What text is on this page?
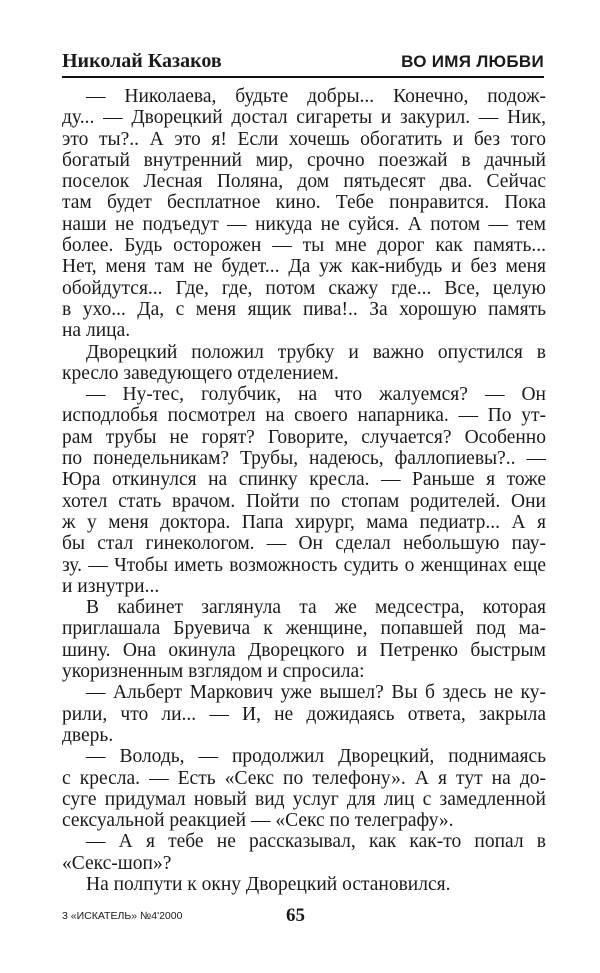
Николай Казаков	ВО ИМЯ ЛЮБВИ
— Николаева, будьте добры... Конечно, подож-
ду... — Дворецкий достал сигареты и закурил. — Ник,
это ты?.. А это я! Если хочешь обогатить и без того
богатый внутренний мир, срочно поезжай в дачный
поселок Лесная Поляна, дом пятьдесят два. Сейчас
там будет бесплатное кино. Тебе понравится. Пока
наши не подъедут — никуда не суйся. А потом — тем
более. Будь осторожен — ты мне дорог как память...
Нет, меня там не будет... Да уж как-нибудь и без меня
обойдутся... Где, где, потом скажу где... Все, целую
в ухо... Да, с меня ящик пива!.. За хорошую память
на лица.
Дворецкий положил трубку и важно опустился в
кресло заведующего отделением.
— Ну-тес, голубчик, на что жалуемся? — Он
исподлобья посмотрел на своего напарника. — По ут-
рам трубы не горят? Говорите, случается? Особенно
по понедельникам? Трубы, надеюсь, фаллопиевы?.. —
Юра откинулся на спинку кресла. — Раньше я тоже
хотел стать врачом. Пойти по стопам родителей. Они
ж у меня доктора. Папа хирург, мама педиатр... А я
бы стал гинекологом. — Он сделал небольшую пау-
зу. — Чтобы иметь возможность судить о женщинах еще
и изнутри...
В кабинет заглянула та же медсестра, которая
приглашала Бруевича к женщине, попавшей под ма-
шину. Она окинула Дворецкого и Петренко быстрым
укоризненным взглядом и спросила:
— Альберт Маркович уже вышел? Вы б здесь не ку-
рили, что ли... — И, не дожидаясь ответа, закрыла
дверь.
— Володь, — продолжил Дворецкий, поднимаясь
с кресла. — Есть «Секс по телефону». А я тут на до-
суге придумал новый вид услуг для лиц с замедленной
сексуальной реакцией — «Секс по телеграфу».
— А я тебе не рассказывал, как как-то попал в
«Секс-шоп»?
На полпути к окну Дворецкий остановился.
3 «ИСКАТЕЛЬ» №4'2000	65
